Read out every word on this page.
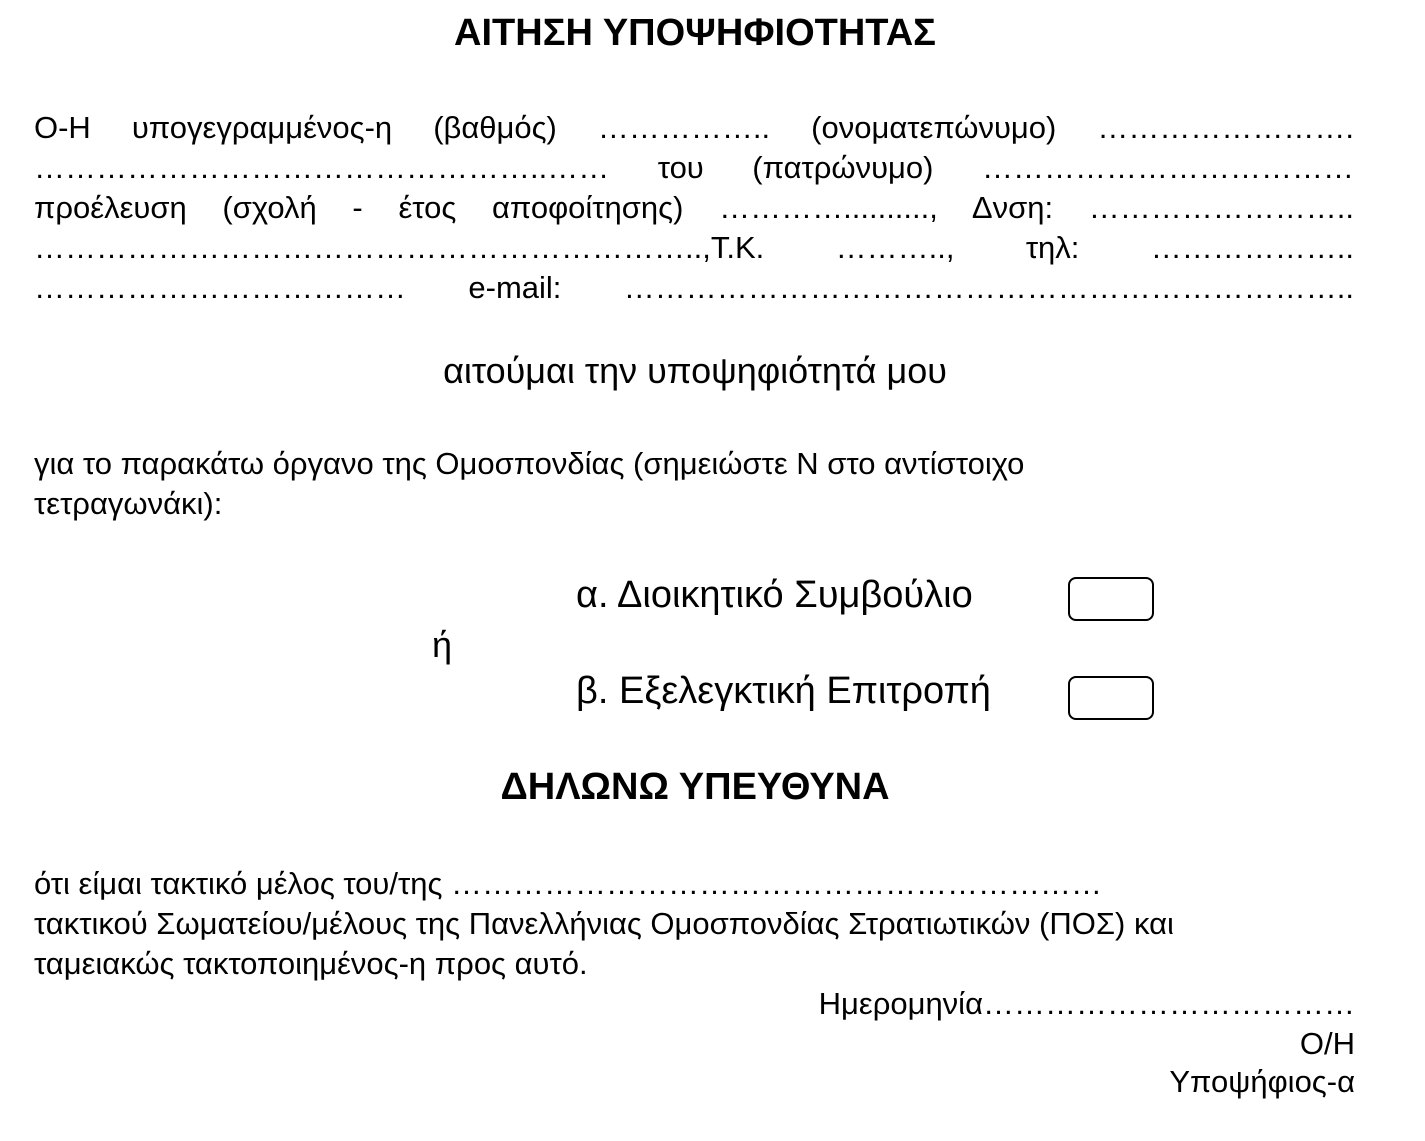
ΑΙΤΗΣΗ ΥΠΟΨΗΦΙΟΤΗΤΑΣ
Ο-Η υπογεγραμμένος-η (βαθμός) …………….. (ονοματεπώνυμο) …………………….
…………………………………………..…… του (πατρώνυμο) ………………………………
προέλευση (σχολή - έτος αποφοίτησης) ………….........., Δνση: ……………………..
………………………………………………………..,Τ.Κ. ……….., τηλ: ………………..
……………………………… e-mail: ……………………………………………………………..
αιτούμαι την υποψηφιότητά μου
για το παρακάτω όργανο της Ομοσπονδίας (σημειώστε Ν στο αντίστοιχο
τετραγωνάκι):
α. Διοικητικό Συμβούλιο
ή
β. Εξελεγκτική Επιτροπή
ΔΗΛΩΝΩ ΥΠΕΥΘΥΝΑ
ότι είμαι τακτικό μέλος του/της ………………………………………………………
τακτικού Σωματείου/μέλους της Πανελλήνιας Ομοσπονδίας Στρατιωτικών (ΠΟΣ) και
ταμειακώς τακτοποιημένος-η προς αυτό.
Ημερομηνία………………………………
Ο/Η
Υποψήφιος-α
